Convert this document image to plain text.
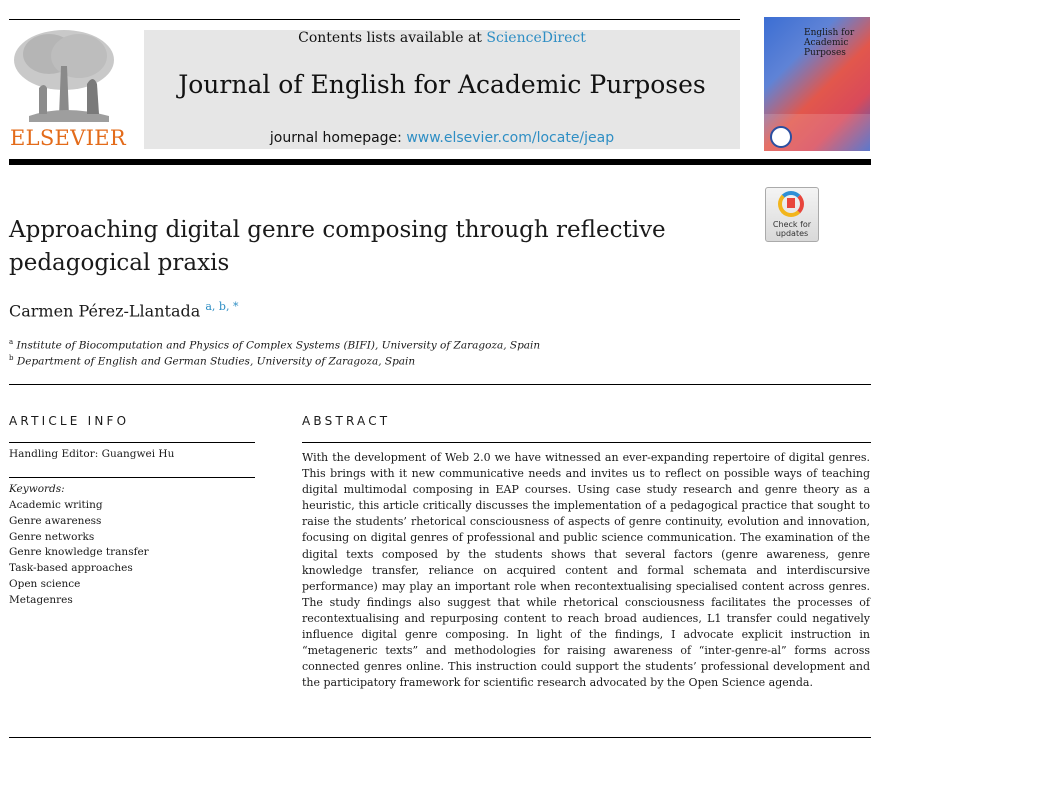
ELSEVIER
Contents lists available at ScienceDirect
Journal of English for Academic Purposes
journal homepage: www.elsevier.com/locate/jeap
English for Academic Purposes
Check for
updates
Approaching digital genre composing through reflective
pedagogical praxis
Carmen Pérez-Llantada $^{a, b, *}$
$^a$ Institute of Biocomputation and Physics of Complex Systems (BIFI), University of Zaragoza, Spain
$^b$ Department of English and German Studies, University of Zaragoza, Spain
ARTICLE INFO
Handling Editor: Guangwei Hu
Keywords:
Academic writing
Genre awareness
Genre networks
Genre knowledge transfer
Task-based approaches
Open science
Metagenres
ABSTRACT
With the development of Web 2.0 we have witnessed an ever-expanding repertoire of digital genres. This brings with it new communicative needs and invites us to reflect on possible ways of teaching digital multimodal composing in EAP courses. Using case study research and genre theory as a heuristic, this article critically discusses the implementation of a pedagogical practice that sought to raise the students’ rhetorical consciousness of aspects of genre continuity, evolution and innovation, focusing on digital genres of professional and public science communication. The examination of the digital texts composed by the students shows that several factors (genre awareness, genre knowledge transfer, reliance on acquired content and formal schemata and interdiscursive performance) may play an important role when recontextualising specialised content across genres. The study findings also suggest that while rhetorical consciousness facilitates the processes of recontextualising and repurposing content to reach broad audiences, L1 transfer could negatively influence digital genre composing. In light of the findings, I advocate explicit instruction in “metageneric texts” and methodologies for raising awareness of “inter-genre-al” forms across connected genres online. This instruction could support the students’ professional development and the participatory framework for scientific research advocated by the Open Science agenda.
